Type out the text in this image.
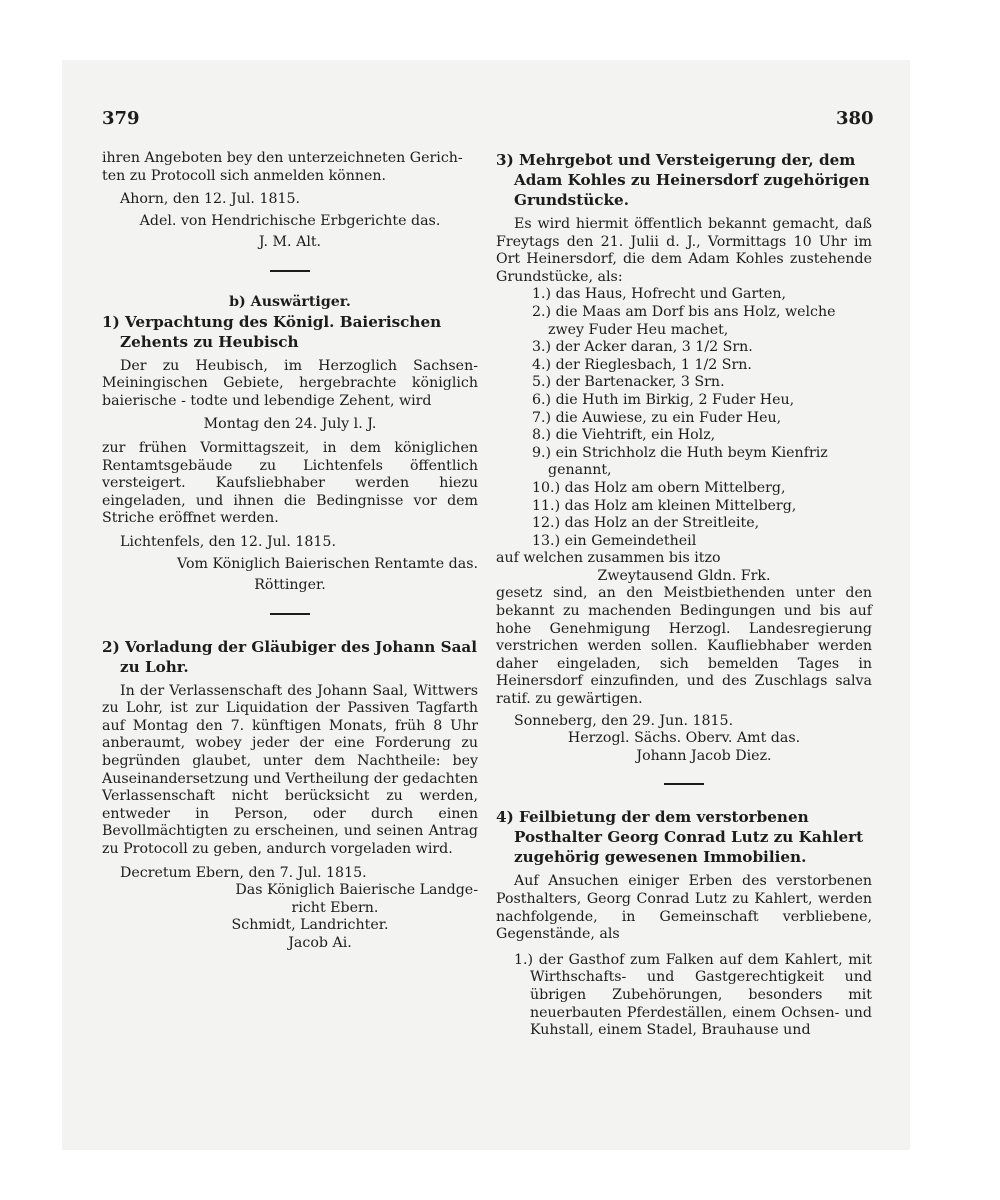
379	380

ihren Angeboten bey den unterzeichneten Gerich-

ten zu Protocoll sich anmelden können.

Ahorn, den 12. Jul. 1815.

Adel. von Hendrichische Erbgerichte das.

J. M. Alt.

b) Auswärtiger.

1) Verpachtung des Königl. Baierischen Zehents zu Heubisch

Der zu Heubisch, im Herzoglich Sachsen-Meiningischen Gebiete, hergebrachte königlich baierische - todte und lebendige Zehent, wird

Montag den 24. July l. J.

zur frühen Vormittagszeit, in dem königlichen Rentamtsgebäude zu Lichtenfels öffentlich versteigert. Kaufsliebhaber werden hiezu eingeladen, und ihnen die Bedingnisse vor dem Striche eröffnet werden.

Lichtenfels, den 12. Jul. 1815.

Vom Königlich Baierischen Rentamte das.

Röttinger.

2) Vorladung der Gläubiger des Johann Saal zu Lohr.

In der Verlassenschaft des Johann Saal, Wittwers zu Lohr, ist zur Liquidation der Passiven Tagfarth auf Montag den 7. künftigen Monats, früh 8 Uhr anberaumt, wobey jeder der eine Forderung zu begründen glaubet, unter dem Nachtheile: bey Auseinandersetzung und Vertheilung der gedachten Verlassenschaft nicht berücksicht zu werden, entweder in Person, oder durch einen Bevollmächtigten zu erscheinen, und seinen Antrag zu Protocoll zu geben, andurch vorgeladen wird.

Decretum Ebern, den 7. Jul. 1815.

Das Königlich Baierische Landge-

richt Ebern.

Schmidt, Landrichter.

Jacob Ai.

3) Mehrgebot und Versteigerung der, dem Adam Kohles zu Heinersdorf zugehörigen Grundstücke.

Es wird hiermit öffentlich bekannt gemacht, daß Freytags den 21. Julii d. J., Vormittags 10 Uhr im Ort Heinersdorf, die dem Adam Kohles zustehende Grundstücke, als:

1.) das Haus, Hofrecht und Garten,

2.) die Maas am Dorf bis ans Holz, welche zwey Fuder Heu machet,

3.) der Acker daran, 3 1/2 Srn.

4.) der Rieglesbach, 1 1/2 Srn.

5.) der Bartenacker, 3 Srn.

6.) die Huth im Birkig, 2 Fuder Heu,

7.) die Auwiese, zu ein Fuder Heu,

8.) die Viehtrift, ein Holz,

9.) ein Strichholz die Huth beym Kienfriz genannt,

10.) das Holz am obern Mittelberg,

11.) das Holz am kleinen Mittelberg,

12.) das Holz an der Streitleite,

13.) ein Gemeindetheil

auf welchen zusammen bis itzo

Zweytausend Gldn. Frk.

gesetz sind, an den Meistbiethenden unter den bekannt zu machenden Bedingungen und bis auf hohe Genehmigung Herzogl. Landesregierung verstrichen werden sollen. Kaufliebhaber werden daher eingeladen, sich bemelden Tages in Heinersdorf einzufinden, und des Zuschlags salva ratif. zu gewärtigen.

Sonneberg, den 29. Jun. 1815.

Herzogl. Sächs. Oberv. Amt das.

Johann Jacob Diez.

4) Feilbietung der dem verstorbenen Posthalter Georg Conrad Lutz zu Kahlert zugehörig gewesenen Immobilien.

Auf Ansuchen einiger Erben des verstorbenen Posthalters, Georg Conrad Lutz zu Kahlert, werden nachfolgende, in Gemeinschaft verbliebene, Gegenstände, als

1.) der Gasthof zum Falken auf dem Kahlert, mit Wirthschafts- und Gastgerechtigkeit und übrigen Zubehörungen, besonders mit neuerbauten Pferdeställen, einem Ochsen- und Kuhstall, einem Stadel, Brauhause und
